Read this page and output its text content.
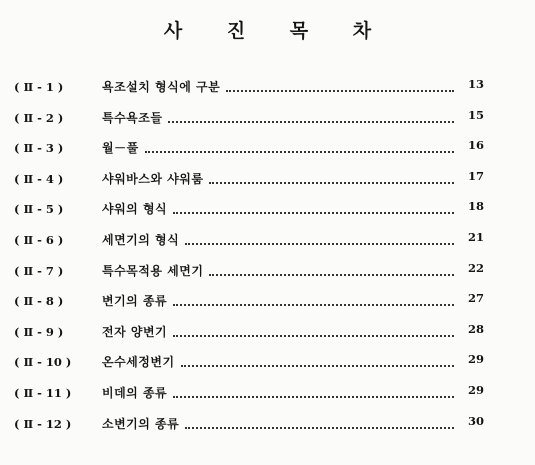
사 진 목 차
( Ⅱ - 1 )	욕조설치 형식에 구분	13
( Ⅱ - 2 )	특수욕조들	15
( Ⅱ - 3 )	월－풀	16
( Ⅱ - 4 )	샤워바스와 샤워룸	17
( Ⅱ - 5 )	샤워의 형식	18
( Ⅱ - 6 )	세면기의 형식	21
( Ⅱ - 7 )	특수목적용 세면기	22
( Ⅱ - 8 )	변기의 종류	27
( Ⅱ - 9 )	전자 양변기	28
( Ⅱ - 10 )	온수세정변기	29
( Ⅱ - 11 )	비데의 종류	29
( Ⅱ - 12 )	소변기의 종류	30
